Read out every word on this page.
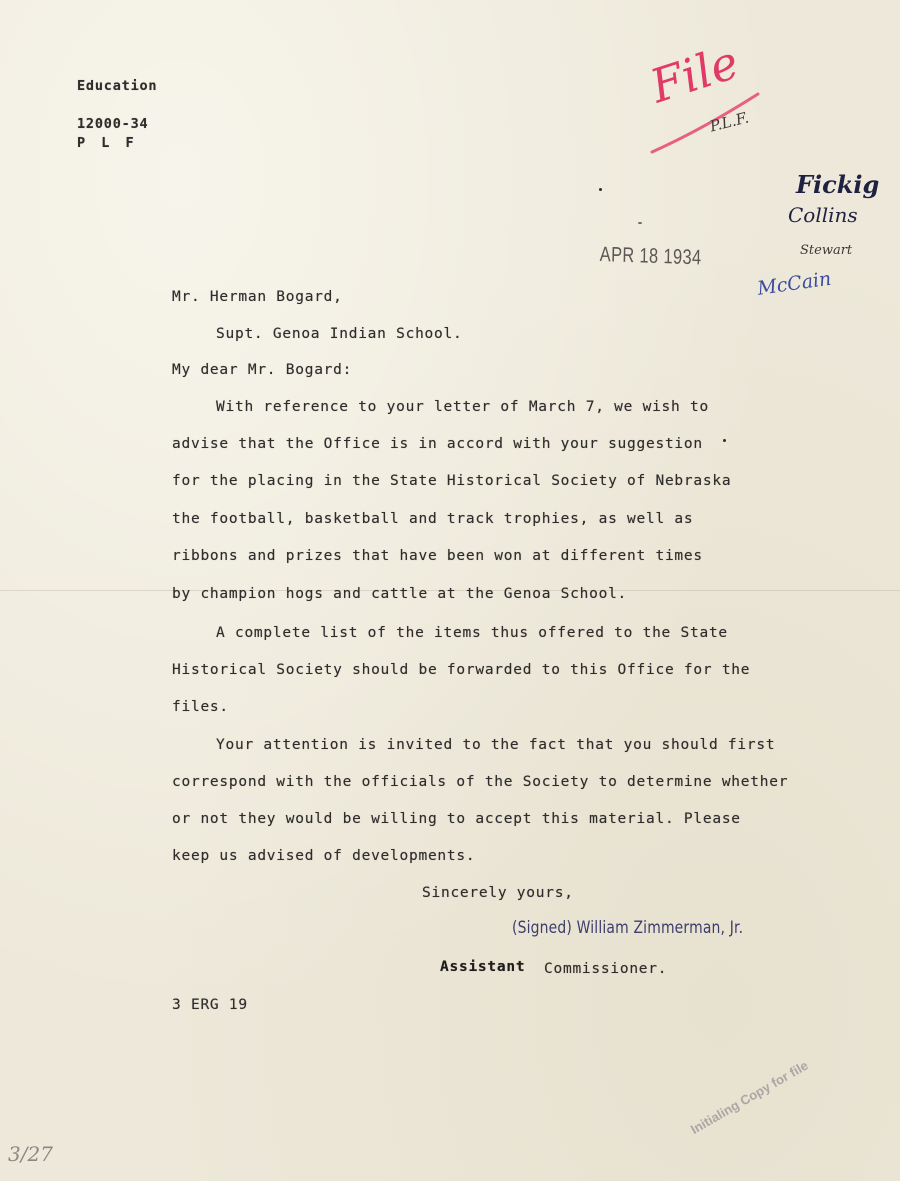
Education
12000-34
P L F
File
P.L.F.
APR 18 1934
Fickig
Collins
Stewart
McCain
Mr. Herman Bogard,
Supt. Genoa Indian School.
My dear Mr. Bogard:
With reference to your letter of March 7, we wish to
advise that the Office is in accord with your suggestion
for the placing in the State Historical Society of Nebraska
the football, basketball and track trophies, as well as
ribbons and prizes that have been won at different times
by champion hogs and cattle at the Genoa School.
A complete list of the items thus offered to the State
Historical Society should be forwarded to this Office for the
files.
Your attention is invited to the fact that you should first
correspond with the officials of the Society to determine whether
or not they would be willing to accept this material. Please
keep us advised of developments.
Sincerely yours,
(Signed) William Zimmerman, Jr.
Assistant Commissioner.
3 ERG 19
Initialing Copy for file
3/27
